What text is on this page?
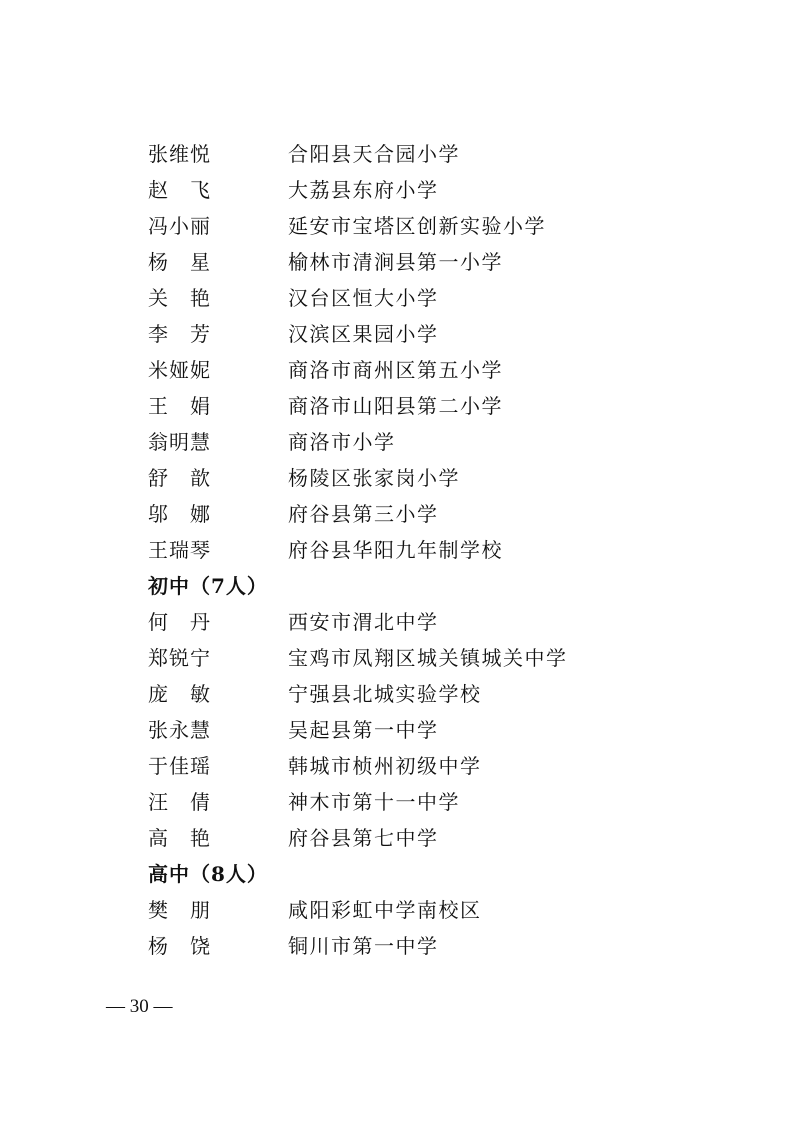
张维悦	合阳县天合园小学
赵 飞	大荔县东府小学
冯小丽	延安市宝塔区创新实验小学
杨 星	榆林市清涧县第一小学
关 艳	汉台区恒大小学
李 芳	汉滨区果园小学
米娅妮	商洛市商州区第五小学
王 娟	商洛市山阳县第二小学
翁明慧	商洛市小学
舒 歆	杨陵区张家岗小学
邬 娜	府谷县第三小学
王瑞琴	府谷县华阳九年制学校
初中（7人）
何 丹	西安市渭北中学
郑锐宁	宝鸡市凤翔区城关镇城关中学
庞 敏	宁强县北城实验学校
张永慧	吴起县第一中学
于佳瑶	韩城市桢州初级中学
汪 倩	神木市第十一中学
高 艳	府谷县第七中学
高中（8人）
樊 朋	咸阳彩虹中学南校区
杨 饶	铜川市第一中学
— 30 —
